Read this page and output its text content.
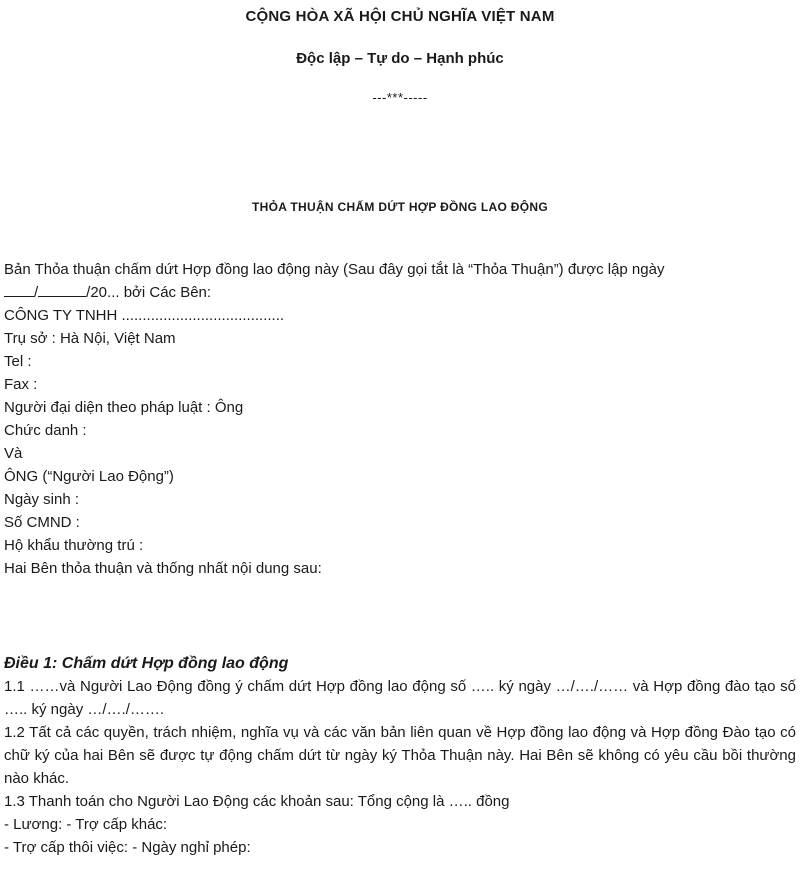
CỘNG HÒA XÃ HỘI CHỦ NGHĨA VIỆT NAM
Độc lập – Tự do – Hạnh phúc
---***-----
THỎA THUẬN CHẤM DỨT HỢP ĐỒNG LAO ĐỘNG
Bản Thỏa thuận chấm dứt Hợp đồng lao động này (Sau đây gọi tắt là “Thỏa Thuận”) được lập ngày
/	/20... bởi Các Bên:
CÔNG TY TNHH .......................................
Trụ sở : Hà Nội, Việt Nam
Tel :
Fax :
Người đại diện theo pháp luật : Ông
Chức danh :
Và
ÔNG (“Người Lao Động”)
Ngày sinh :
Số CMND :
Hộ khẩu thường trú :
Hai Bên thỏa thuận và thống nhất nội dung sau:
Điều 1: Chấm dứt Hợp đồng lao động
1.1 ……và Người Lao Động đồng ý chấm dứt Hợp đồng lao động số ….. ký ngày …/…./…… và Hợp đồng đào tạo số ….. ký ngày …/…./…….
1.2 Tất cả các quyền, trách nhiệm, nghĩa vụ và các văn bản liên quan về Hợp đồng lao động và Hợp đồng Đào tạo có chữ ký của hai Bên sẽ được tự động chấm dứt từ ngày ký Thỏa Thuận này. Hai Bên sẽ không có yêu cầu bồi thường nào khác.
1.3 Thanh toán cho Người Lao Động các khoản sau: Tổng cộng là ….. đồng
- Lương: - Trợ cấp khác:
- Trợ cấp thôi việc: - Ngày nghỉ phép:
